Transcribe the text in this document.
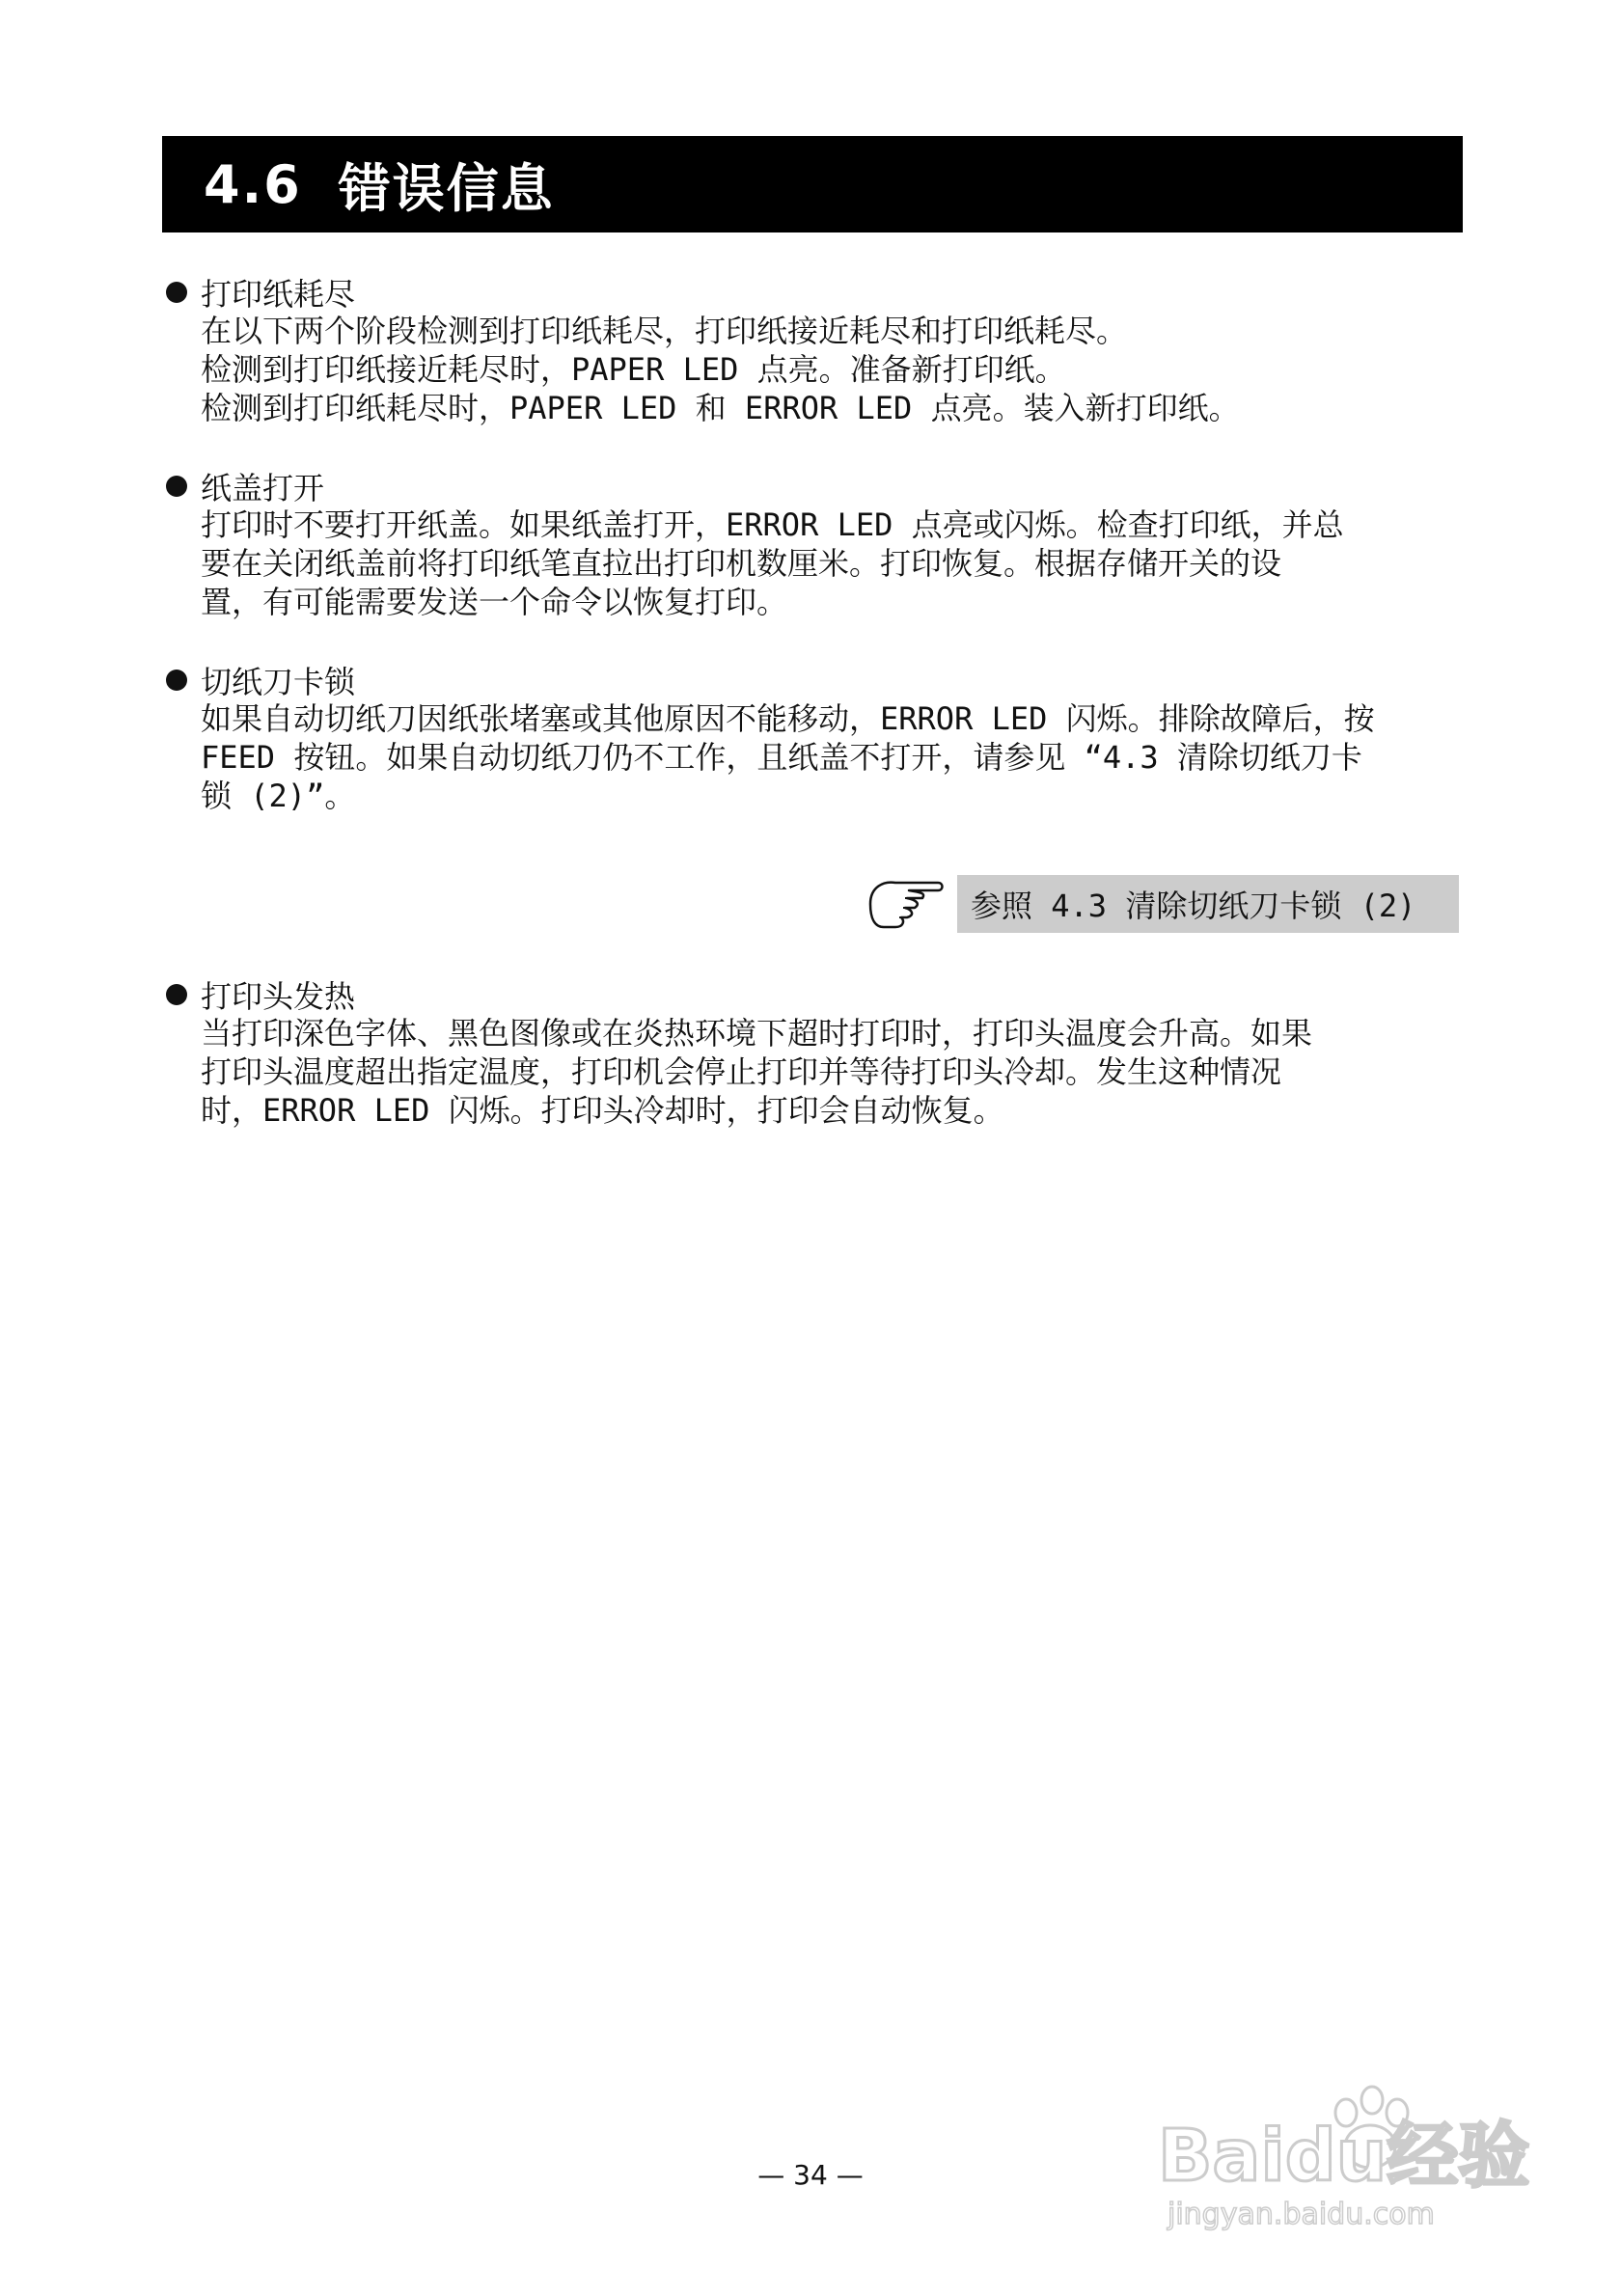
4.6 错误信息
打印纸耗尽
在以下两个阶段检测到打印纸耗尽，打印纸接近耗尽和打印纸耗尽。
检测到打印纸接近耗尽时，PAPER LED 点亮。准备新打印纸。
检测到打印纸耗尽时，PAPER LED 和 ERROR LED 点亮。装入新打印纸。
纸盖打开
打印时不要打开纸盖。如果纸盖打开，ERROR LED 点亮或闪烁。检查打印纸，并总
要在关闭纸盖前将打印纸笔直拉出打印机数厘米。打印恢复。根据存储开关的设
置，有可能需要发送一个命令以恢复打印。
切纸刀卡锁
如果自动切纸刀因纸张堵塞或其他原因不能移动，ERROR LED 闪烁。排除故障后，按
FEED 按钮。如果自动切纸刀仍不工作，且纸盖不打开，请参见 “4.3 清除切纸刀卡
锁 (2)”。
参照 4.3 清除切纸刀卡锁 (2)
打印头发热
当打印深色字体、黑色图像或在炎热环境下超时打印时，打印头温度会升高。如果
打印头温度超出指定温度，打印机会停止打印并等待打印头冷却。发生这种情况
时，ERROR LED 闪烁。打印头冷却时，打印会自动恢复。
— 34 —	Baidu经验
jingyan.baidu.com
